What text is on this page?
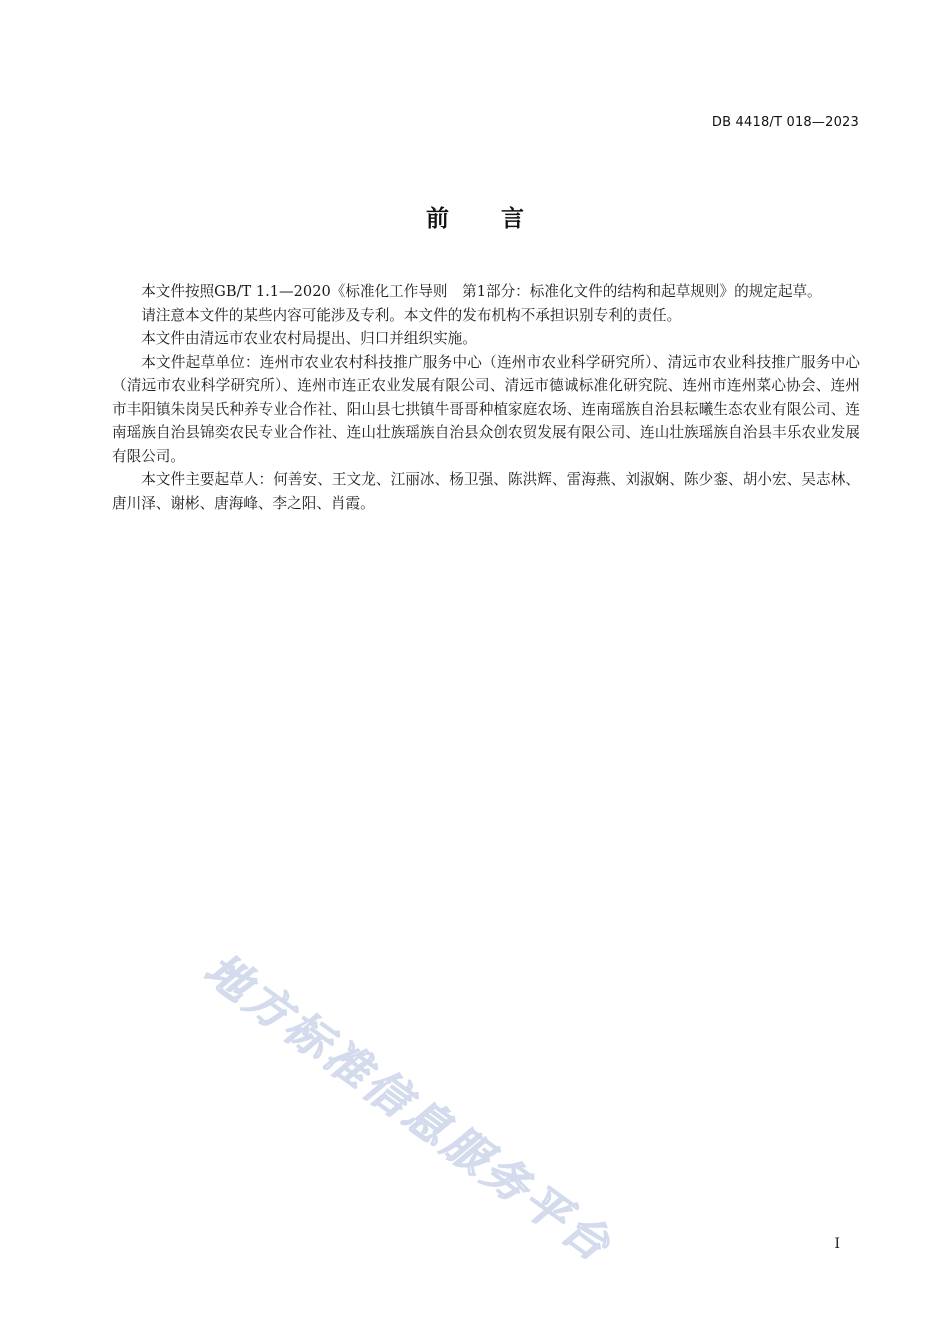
DB 4418/T 018—2023
前 言

本文件按照GB/T 1.1—2020《标准化工作导则　第1部分：标准化文件的结构和起草规则》的规定起草。

请注意本文件的某些内容可能涉及专利。本文件的发布机构不承担识别专利的责任。

本文件由清远市农业农村局提出、归口并组织实施。

本文件起草单位：连州市农业农村科技推广服务中心（连州市农业科学研究所）、清远市农业科技推广服务中心（清远市农业科学研究所）、连州市连正农业发展有限公司、清远市德诚标准化研究院、连州市连州菜心协会、连州市丰阳镇朱岗吴氏种养专业合作社、阳山县七拱镇牛哥哥种植家庭农场、连南瑶族自治县耘曦生态农业有限公司、连南瑶族自治县锦奕农民专业合作社、连山壮族瑶族自治县众创农贸发展有限公司、连山壮族瑶族自治县丰乐农业发展有限公司。

本文件主要起草人：何善安、王文龙、江丽冰、杨卫强、陈洪辉、雷海燕、刘淑娴、陈少銮、胡小宏、吴志林、唐川泽、谢彬、唐海峰、李之阳、肖霞。

地方标准信息服务平台	I
